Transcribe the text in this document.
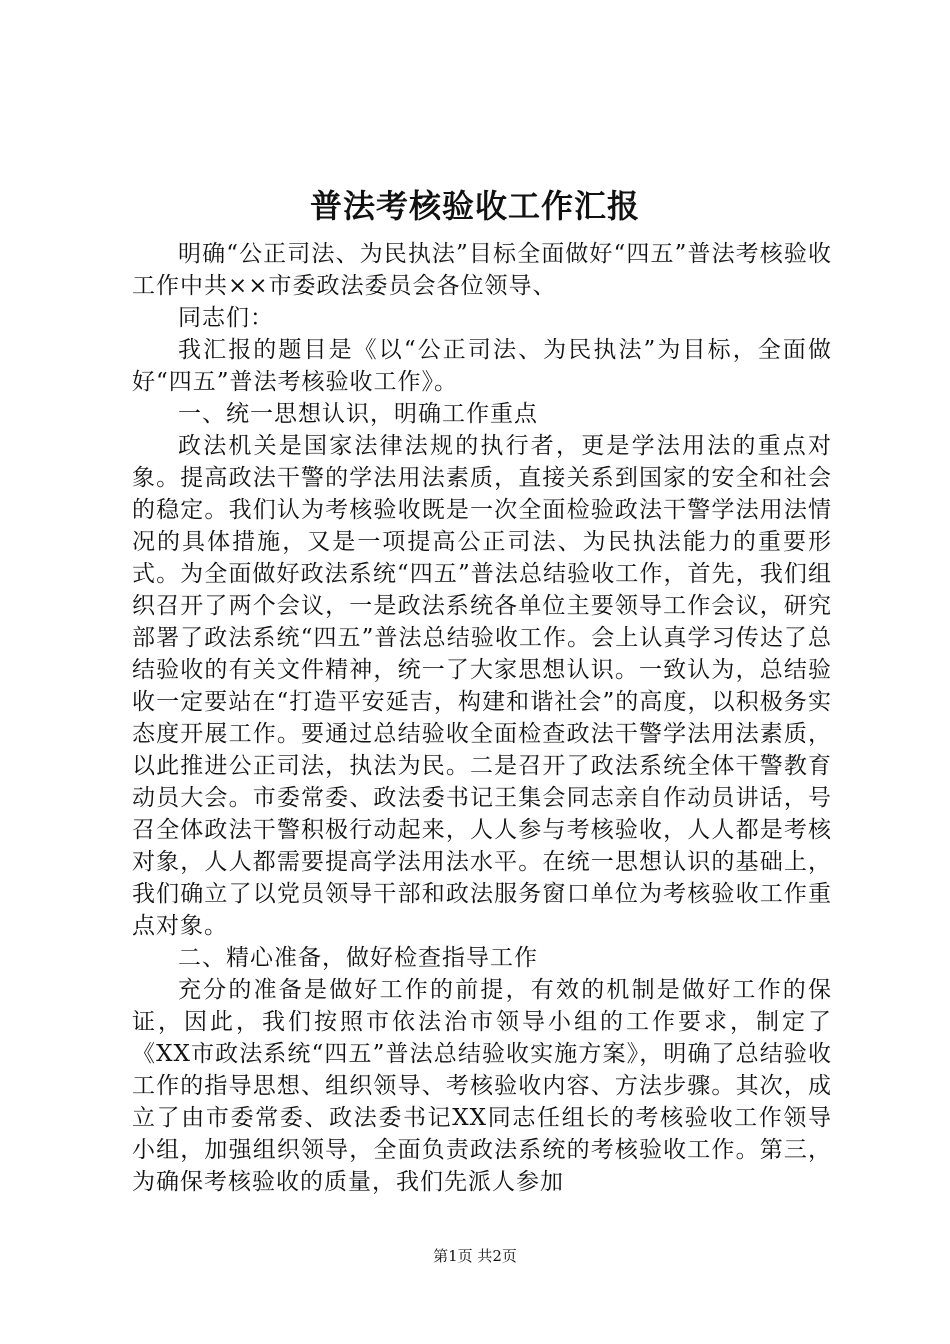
普法考核验收工作汇报

明确“公正司法、为民执法”目标全面做好“四五”普法考核验收工作中共××市委政法委员会各位领导、

同志们：

我汇报的题目是《以“公正司法、为民执法”为目标，全面做好“四五”普法考核验收工作》。

一、统一思想认识，明确工作重点

政法机关是国家法律法规的执行者，更是学法用法的重点对象。提高政法干警的学法用法素质，直接关系到国家的安全和社会的稳定。我们认为考核验收既是一次全面检验政法干警学法用法情况的具体措施，又是一项提高公正司法、为民执法能力的重要形式。为全面做好政法系统“四五”普法总结验收工作，首先，我们组织召开了两个会议，一是政法系统各单位主要领导工作会议，研究部署了政法系统“四五”普法总结验收工作。会上认真学习传达了总结验收的有关文件精神，统一了大家思想认识。一致认为，总结验收一定要站在“打造平安延吉，构建和谐社会”的高度，以积极务实态度开展工作。要通过总结验收全面检查政法干警学法用法素质，以此推进公正司法，执法为民。二是召开了政法系统全体干警教育动员大会。市委常委、政法委书记王集会同志亲自作动员讲话，号召全体政法干警积极行动起来，人人参与考核验收，人人都是考核对象，人人都需要提高学法用法水平。在统一思想认识的基础上，我们确立了以党员领导干部和政法服务窗口单位为考核验收工作重点对象。

二、精心准备，做好检查指导工作

充分的准备是做好工作的前提，有效的机制是做好工作的保证，因此，我们按照市依法治市领导小组的工作要求，制定了《XX市政法系统“四五”普法总结验收实施方案》，明确了总结验收工作的指导思想、组织领导、考核验收内容、方法步骤。其次，成立了由市委常委、政法委书记XX同志任组长的考核验收工作领导小组，加强组织领导，全面负责政法系统的考核验收工作。第三，为确保考核验收的质量，我们先派人参加

第1页 共2页
